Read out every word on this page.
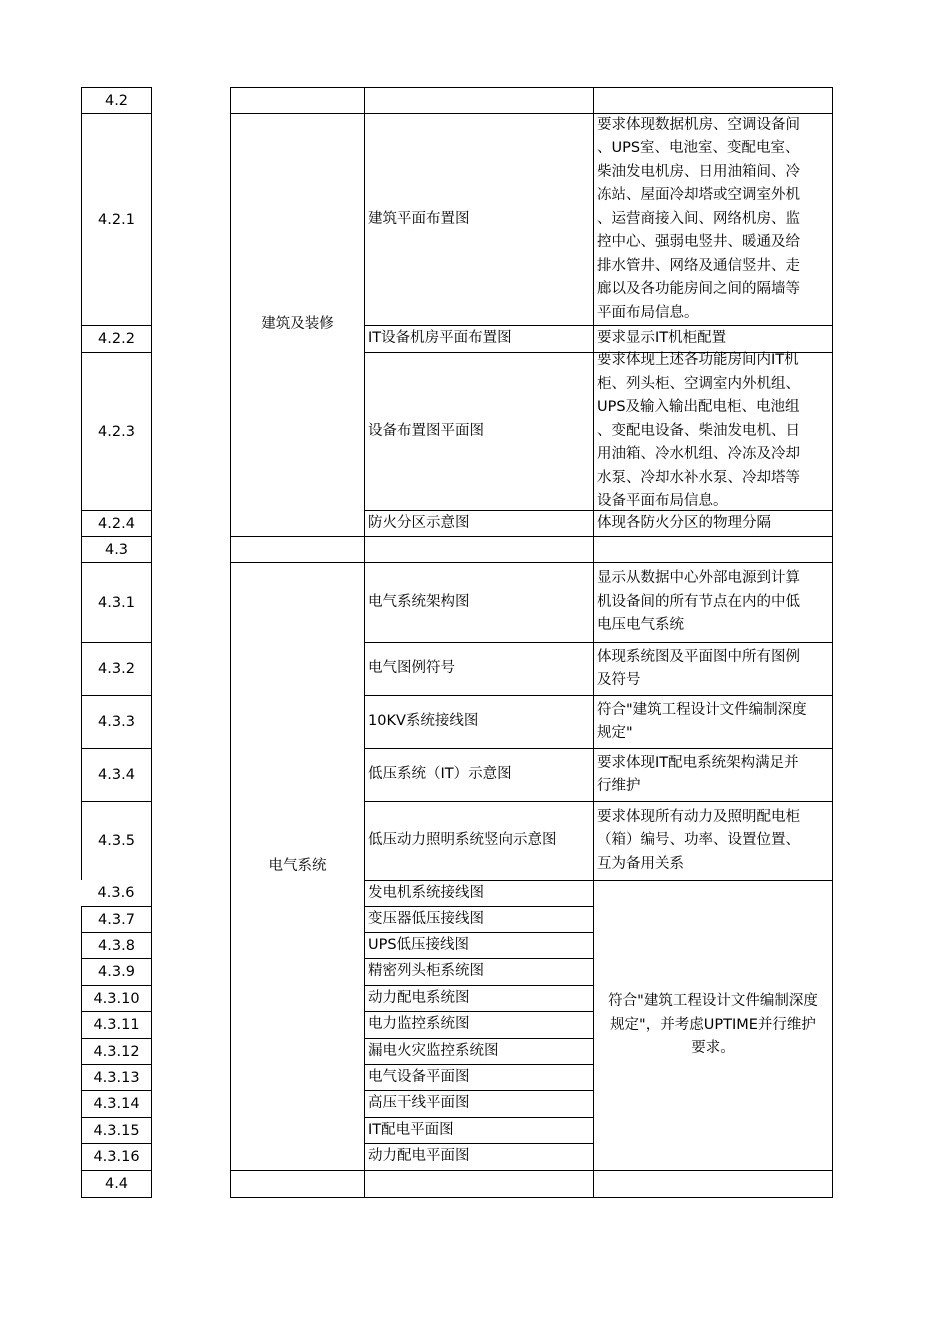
4.2
4.2.1
4.2.2
4.2.3
4.2.4
4.3
4.3.1
4.3.2
4.3.3
4.3.4
4.3.5
4.3.6
4.3.7
4.3.8
4.3.9
4.3.10
4.3.11
4.3.12
4.3.13
4.3.14
4.3.15
4.3.16
4.4
建筑及装修
建筑平面布置图
要求体现数据机房、空调设备间
、UPS室、电池室、变配电室、
柴油发电机房、日用油箱间、冷
冻站、屋面冷却塔或空调室外机
、运营商接入间、网络机房、监
控中心、强弱电竖井、暖通及给
排水管井、网络及通信竖井、走
廊以及各功能房间之间的隔墙等
平面布局信息。
IT设备机房平面布置图	要求显示IT机柜配置
设备布置图平面图
要求体现上述各功能房间内IT机
柜、列头柜、空调室内外机组、
UPS及输入输出配电柜、电池组
、变配电设备、柴油发电机、日
用油箱、冷水机组、冷冻及冷却
水泵、冷却水补水泵、冷却塔等
设备平面布局信息。
防火分区示意图	体现各防火分区的物理分隔
电气系统
电气系统架构图
显示从数据中心外部电源到计算
机设备间的所有节点在内的中低
电压电气系统
电气图例符号
体现系统图及平面图中所有图例
及符号
10KV系统接线图
符合"建筑工程设计文件编制深度
规定"
低压系统（IT）示意图
要求体现IT配电系统架构满足并
行维护
低压动力照明系统竖向示意图
要求体现所有动力及照明配电柜
（箱）编号、功率、设置位置、
互为备用关系
发电机系统接线图
变压器低压接线图
UPS低压接线图
精密列头柜系统图
动力配电系统图
电力监控系统图
漏电火灾监控系统图
电气设备平面图
高压干线平面图
IT配电平面图
动力配电平面图
符合"建筑工程设计文件编制深度
规定"，并考虑UPTIME并行维护
要求。
